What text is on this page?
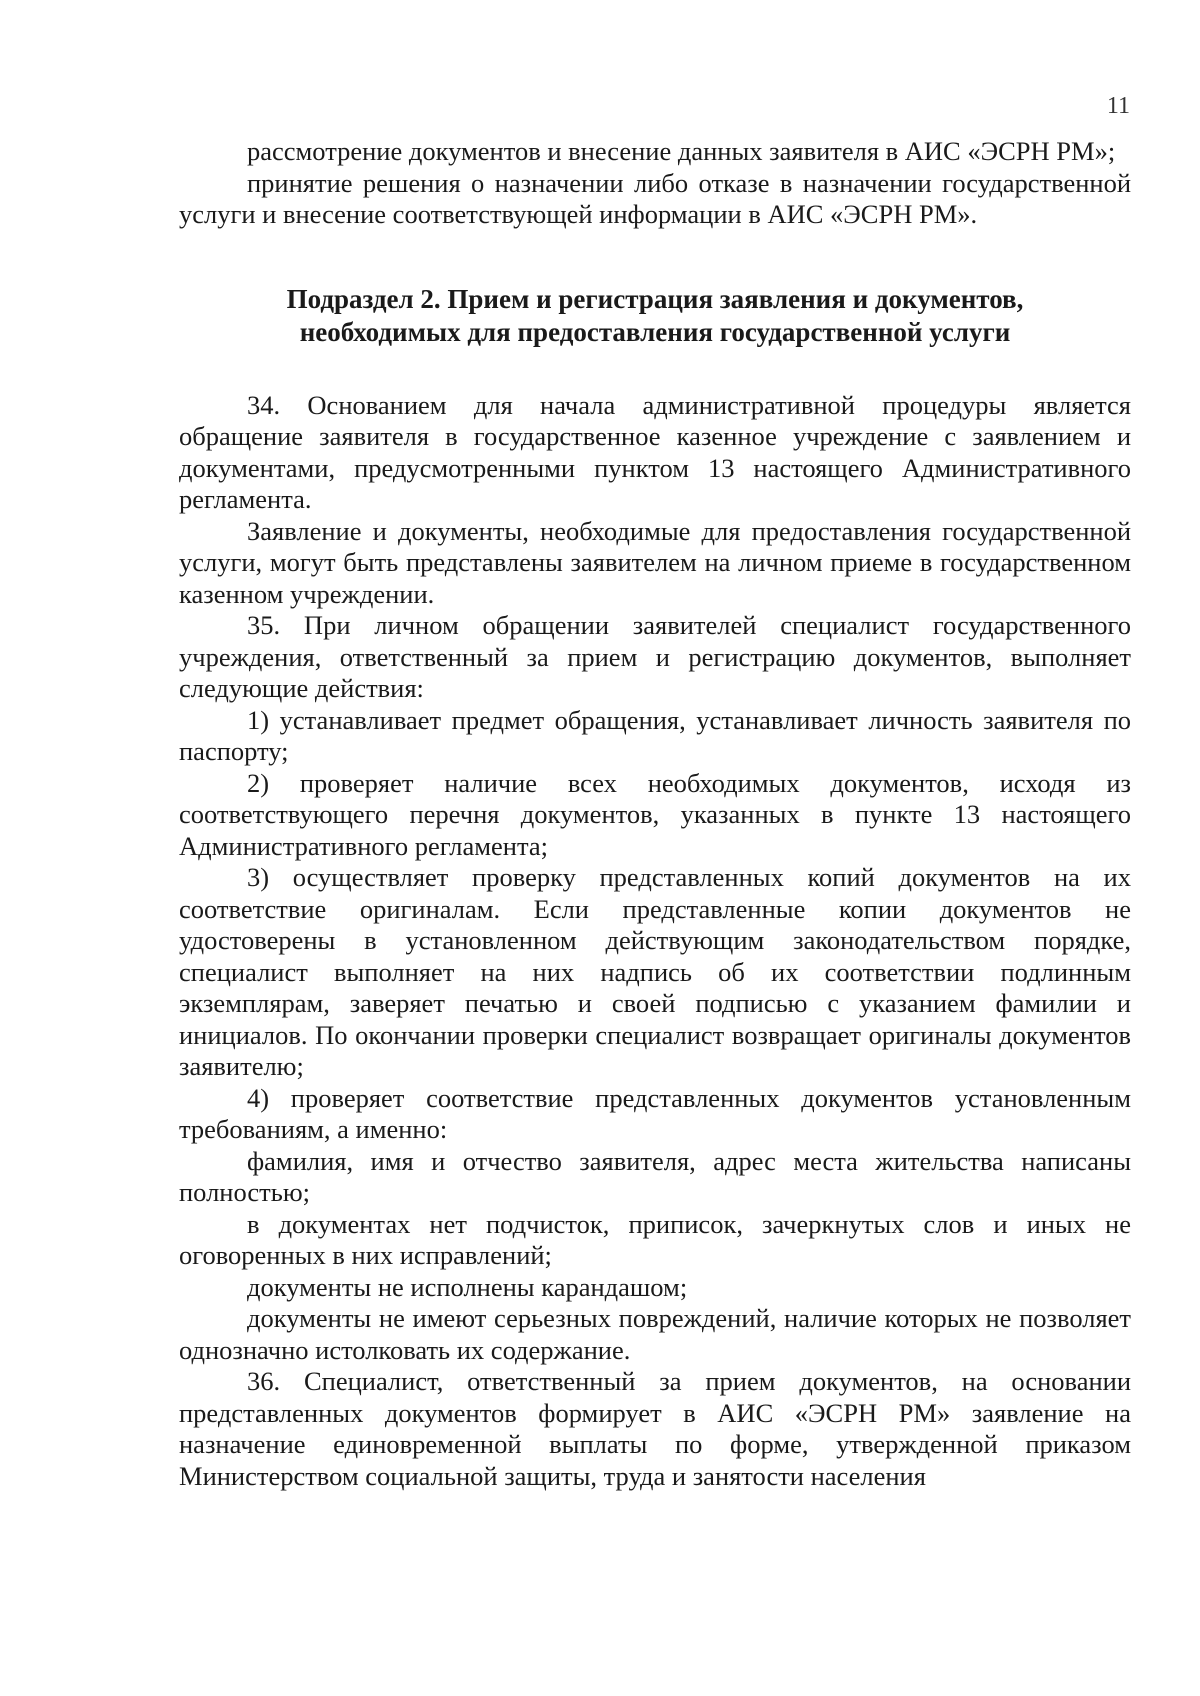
11

рассмотрение документов и внесение данных заявителя в АИС «ЭСРН РМ»;

принятие решения о назначении либо отказе в назначении государственной услуги и внесение соответствующей информации в АИС «ЭСРН РМ».

Подраздел 2. Прием и регистрация заявления и документов,
необходимых для предоставления государственной услуги

34. Основанием для начала административной процедуры является обращение заявителя в государственное казенное учреждение с заявлением и документами, предусмотренными пунктом 13 настоящего Административного регламента.

Заявление и документы, необходимые для предоставления государственной услуги, могут быть представлены заявителем на личном приеме в государственном казенном учреждении.

35. При личном обращении заявителей специалист государственного учреждения, ответственный за прием и регистрацию документов, выполняет следующие действия:

1) устанавливает предмет обращения, устанавливает личность заявителя по паспорту;

2) проверяет наличие всех необходимых документов, исходя из соответствующего перечня документов, указанных в пункте 13 настоящего Административного регламента;

3) осуществляет проверку представленных копий документов на их соответствие оригиналам. Если представленные копии документов не удостоверены в установленном действующим законодательством порядке, специалист выполняет на них надпись об их соответствии подлинным экземплярам, заверяет печатью и своей подписью с указанием фамилии и инициалов. По окончании проверки специалист возвращает оригиналы документов заявителю;

4) проверяет соответствие представленных документов установленным требованиям, а именно:

фамилия, имя и отчество заявителя, адрес места жительства написаны полностью;

в документах нет подчисток, приписок, зачеркнутых слов и иных не оговоренных в них исправлений;

документы не исполнены карандашом;

документы не имеют серьезных повреждений, наличие которых не позволяет однозначно истолковать их содержание.

36. Специалист, ответственный за прием документов, на основании представленных документов формирует в АИС «ЭСРН РМ» заявление на назначение единовременной выплаты по форме, утвержденной приказом Министерством социальной защиты, труда и занятости населения
